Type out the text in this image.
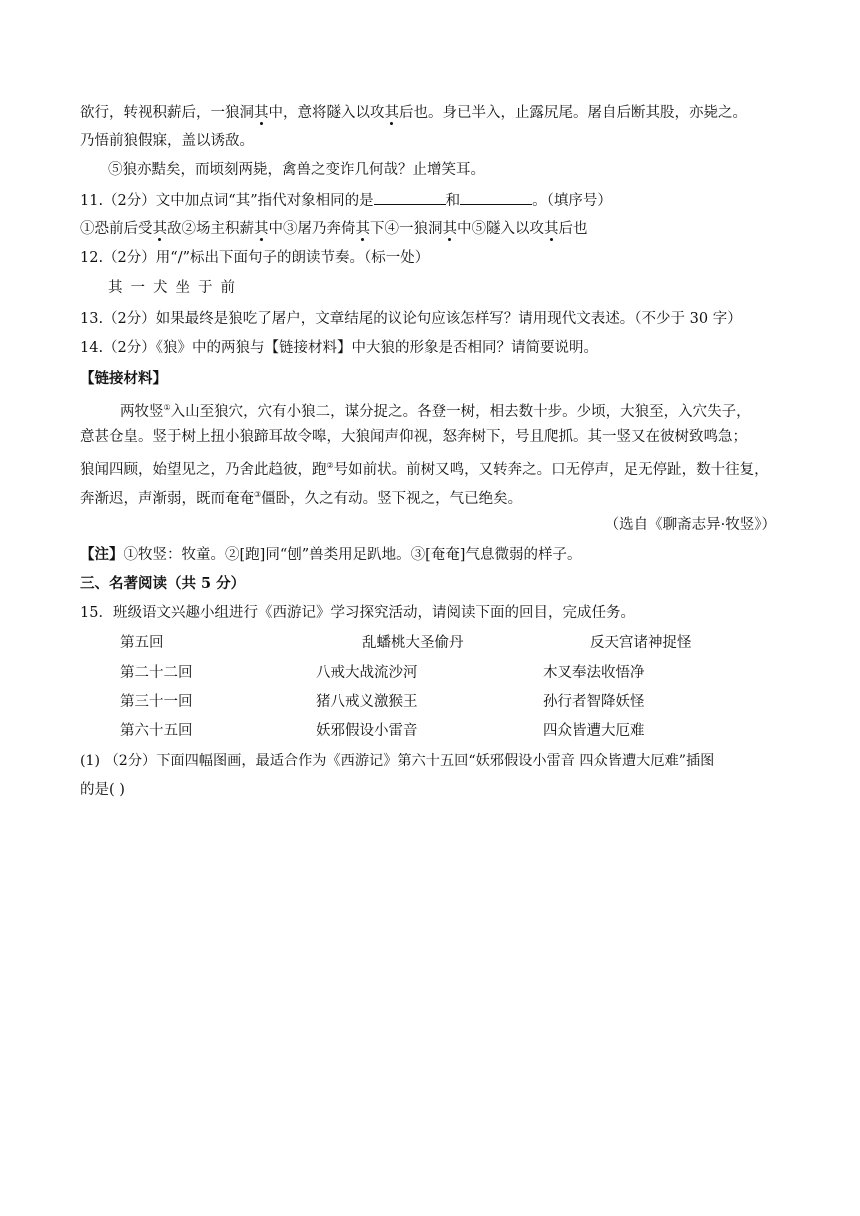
欲行，转视积薪后，一狼洞其中，意将隧入以攻其后也。身已半入，止露尻尾。屠自后断其股，亦毙之。
乃悟前狼假寐，盖以诱敌。
⑤狼亦黠矣，而顷刻两毙，禽兽之变诈几何哉？止增笑耳。
11.（2分）文中加点词“其”指代对象相同的是	和	。（填序号）
①恐前后受其敌②场主积薪其中③屠乃奔倚其下④一狼洞其中⑤隧入以攻其后也
12.（2分）用“/”标出下面句子的朗读节奏。（标一处）
其 一 犬 坐 于 前
13.（2分）如果最终是狼吃了屠户，文章结尾的议论句应该怎样写？请用现代文表述。（不少于 30 字）
14.（2分）《狼》中的两狼与【链接材料】中大狼的形象是否相同？请简要说明。
【链接材料】
两牧竖①入山至狼穴，穴有小狼二，谋分捉之。各登一树，相去数十步。少顷，大狼至，入穴失子，
意甚仓皇。竖于树上扭小狼蹄耳故令嗥，大狼闻声仰视，怒奔树下，号且爬抓。其一竖又在彼树致鸣急；
狼闻四顾，始望见之，乃舍此趋彼，跑②号如前状。前树又鸣，又转奔之。口无停声，足无停趾，数十往复，
奔渐迟，声渐弱，既而奄奄③僵卧，久之有动。竖下视之，气已绝矣。
（选自《聊斋志异·牧竖》）
【注】①牧竖：牧童。②[跑]同“刨”兽类用足趴地。③[奄奄]气息微弱的样子。
三、名著阅读（共 5 分）
15．班级语文兴趣小组进行《西游记》学习探究活动，请阅读下面的回目，完成任务。
第五回	乱蟠桃大圣偷丹	反天宫诸神捉怪
第二十二回	八戒大战流沙河	木叉奉法收悟净
第三十一回	猪八戒义激猴王	孙行者智降妖怪
第六十五回	妖邪假设小雷音	四众皆遭大厄难
(1) （2分）下面四幅图画，最适合作为《西游记》第六十五回“妖邪假设小雷音 四众皆遭大厄难”插图
的是( )
